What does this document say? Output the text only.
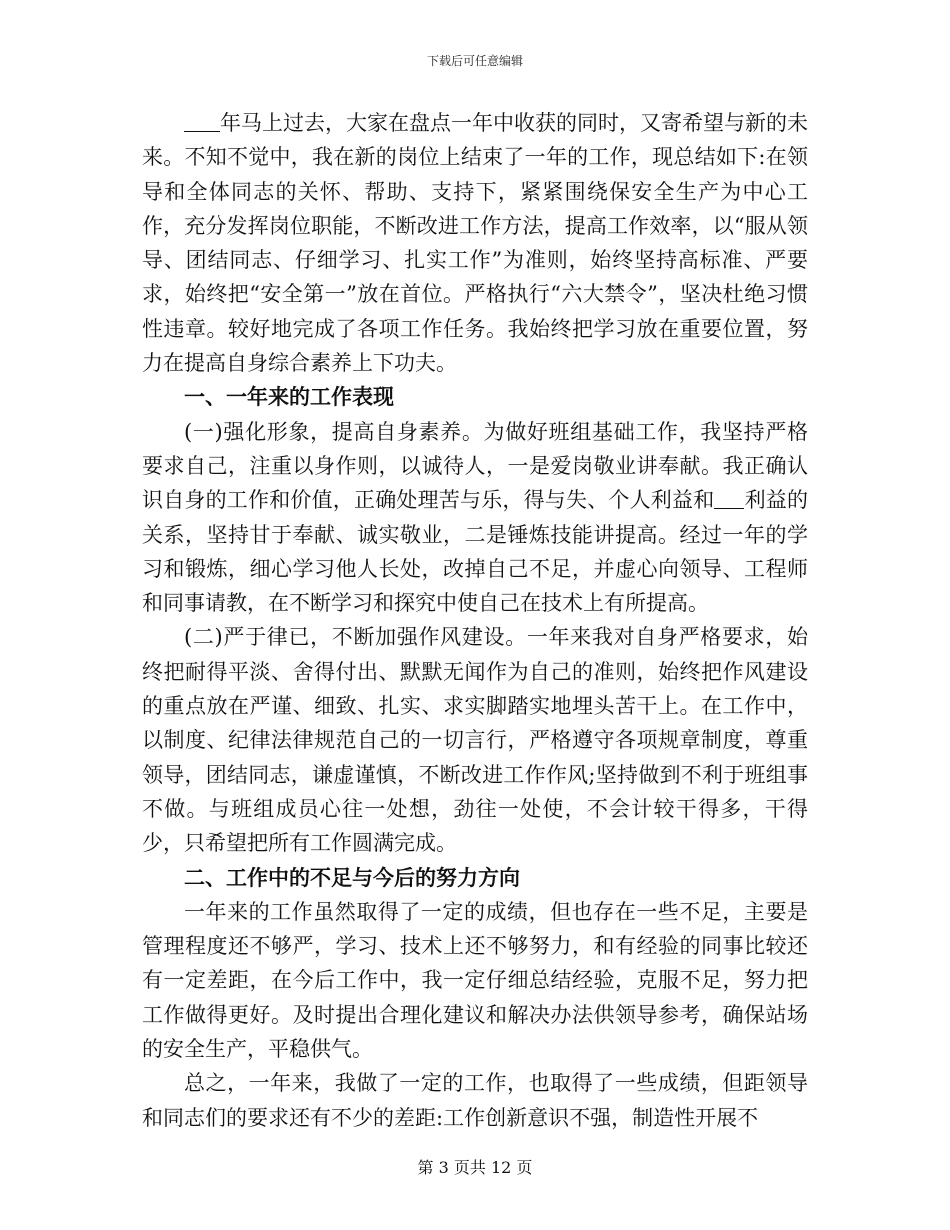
下载后可任意编辑

年马上过去，大家在盘点一年中收获的同时，又寄希望与新的未来。不知不觉中，我在新的岗位上结束了一年的工作，现总结如下:在领导和全体同志的关怀、帮助、支持下，紧紧围绕保安全生产为中心工作，充分发挥岗位职能，不断改进工作方法，提高工作效率，以“服从领导、团结同志、仔细学习、扎实工作”为准则，始终坚持高标准、严要求，始终把“安全第一”放在首位。严格执行“六大禁令”，坚决杜绝习惯性违章。较好地完成了各项工作任务。我始终把学习放在重要位置，努力在提高自身综合素养上下功夫。

一、一年来的工作表现

(一)强化形象，提高自身素养。为做好班组基础工作，我坚持严格要求自己，注重以身作则，以诚待人，一是爱岗敬业讲奉献。我正确认识自身的工作和价值，正确处理苦与乐，得与失、个人利益和 利益的关系，坚持甘于奉献、诚实敬业，二是锤炼技能讲提高。经过一年的学习和锻炼，细心学习他人长处，改掉自己不足，并虚心向领导、工程师和同事请教，在不断学习和探究中使自己在技术上有所提高。

(二)严于律已，不断加强作风建设。一年来我对自身严格要求，始终把耐得平淡、舍得付出、默默无闻作为自己的准则，始终把作风建设的重点放在严谨、细致、扎实、求实脚踏实地埋头苦干上。在工作中，以制度、纪律法律规范自己的一切言行，严格遵守各项规章制度，尊重领导，团结同志，谦虚谨慎，不断改进工作作风;坚持做到不利于班组事不做。与班组成员心往一处想，劲往一处使，不会计较干得多，干得少，只希望把所有工作圆满完成。

二、工作中的不足与今后的努力方向

一年来的工作虽然取得了一定的成绩，但也存在一些不足，主要是管理程度还不够严，学习、技术上还不够努力，和有经验的同事比较还有一定差距，在今后工作中，我一定仔细总结经验，克服不足，努力把工作做得更好。及时提出合理化建议和解决办法供领导参考，确保站场的安全生产，平稳供气。

总之，一年来，我做了一定的工作，也取得了一些成绩，但距领导和同志们的要求还有不少的差距:工作创新意识不强，制造性开展不

第 3 页共 12 页
